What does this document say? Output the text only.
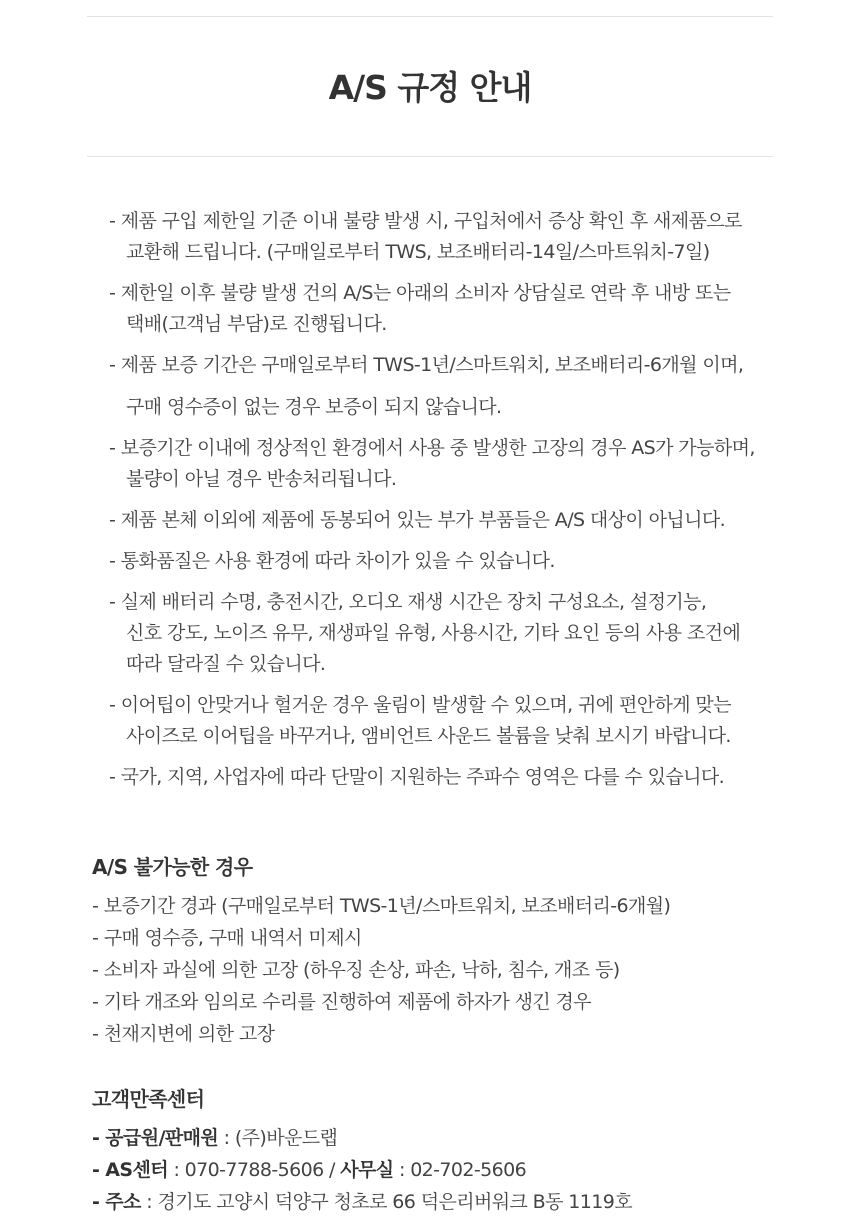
A/S 규정 안내
- 제품 구입 제한일 기준 이내 불량 발생 시, 구입처에서 증상 확인 후 새제품으로
교환해 드립니다. (구매일로부터 TWS, 보조배터리-14일/스마트워치-7일)
- 제한일 이후 불량 발생 건의 A/S는 아래의 소비자 상담실로 연락 후 내방 또는
택배(고객님 부담)로 진행됩니다.
- 제품 보증 기간은 구매일로부터 TWS-1년/스마트워치, 보조배터리-6개월 이며,
구매 영수증이 없는 경우 보증이 되지 않습니다.
- 보증기간 이내에 정상적인 환경에서 사용 중 발생한 고장의 경우 AS가 가능하며,
불량이 아닐 경우 반송처리됩니다.
- 제품 본체 이외에 제품에 동봉되어 있는 부가 부품들은 A/S 대상이 아닙니다.
- 통화품질은 사용 환경에 따라 차이가 있을 수 있습니다.
- 실제 배터리 수명, 충전시간, 오디오 재생 시간은 장치 구성요소, 설정기능,
신호 강도, 노이즈 유무, 재생파일 유형, 사용시간, 기타 요인 등의 사용 조건에
따라 달라질 수 있습니다.
- 이어팁이 안맞거나 헐거운 경우 울림이 발생할 수 있으며, 귀에 편안하게 맞는
사이즈로 이어팁을 바꾸거나, 앰비언트 사운드 볼륨을 낮춰 보시기 바랍니다.
- 국가, 지역, 사업자에 따라 단말이 지원하는 주파수 영역은 다를 수 있습니다.
A/S 불가능한 경우
- 보증기간 경과 (구매일로부터 TWS-1년/스마트워치, 보조배터리-6개월)
- 구매 영수증, 구매 내역서 미제시
- 소비자 과실에 의한 고장 (하우징 손상, 파손, 낙하, 침수, 개조 등)
- 기타 개조와 임의로 수리를 진행하여 제품에 하자가 생긴 경우
- 천재지변에 의한 고장
고객만족센터
- 공급원/판매원 : (주)바운드랩
- AS센터 : 070-7788-5606 / 사무실 : 02-702-5606
- 주소 : 경기도 고양시 덕양구 청초로 66 덕은리버워크 B동 1119호
